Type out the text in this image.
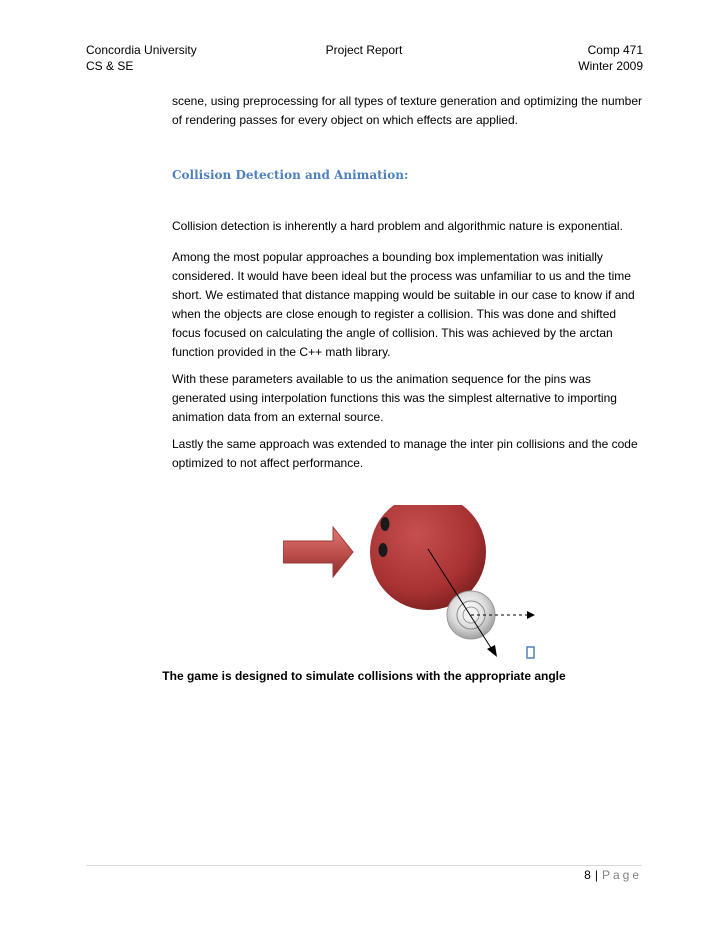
Concordia University
CS & SE
Project Report	Comp 471
Winter 2009
scene, using preprocessing for all types of texture generation and optimizing the number of rendering passes for every object on which effects are applied.
Collision Detection and Animation:

Collision detection is inherently a hard problem and algorithmic nature is exponential.

Among the most popular approaches a bounding box implementation was initially considered. It would have been ideal but the process was unfamiliar to us and the time short. We estimated that distance mapping would be suitable in our case to know if and when the objects are close enough to register a collision. This was done and shifted focus focused on calculating the angle of collision. This was achieved by the arctan function provided in the C++ math library.

With these parameters available to us the animation sequence for the pins was generated using interpolation functions this was the simplest alternative to importing animation data from an external source.

Lastly the same approach was extended to manage the inter pin collisions and the code optimized to not affect performance.

The game is designed to simulate collisions with the appropriate angle
8 | Page
